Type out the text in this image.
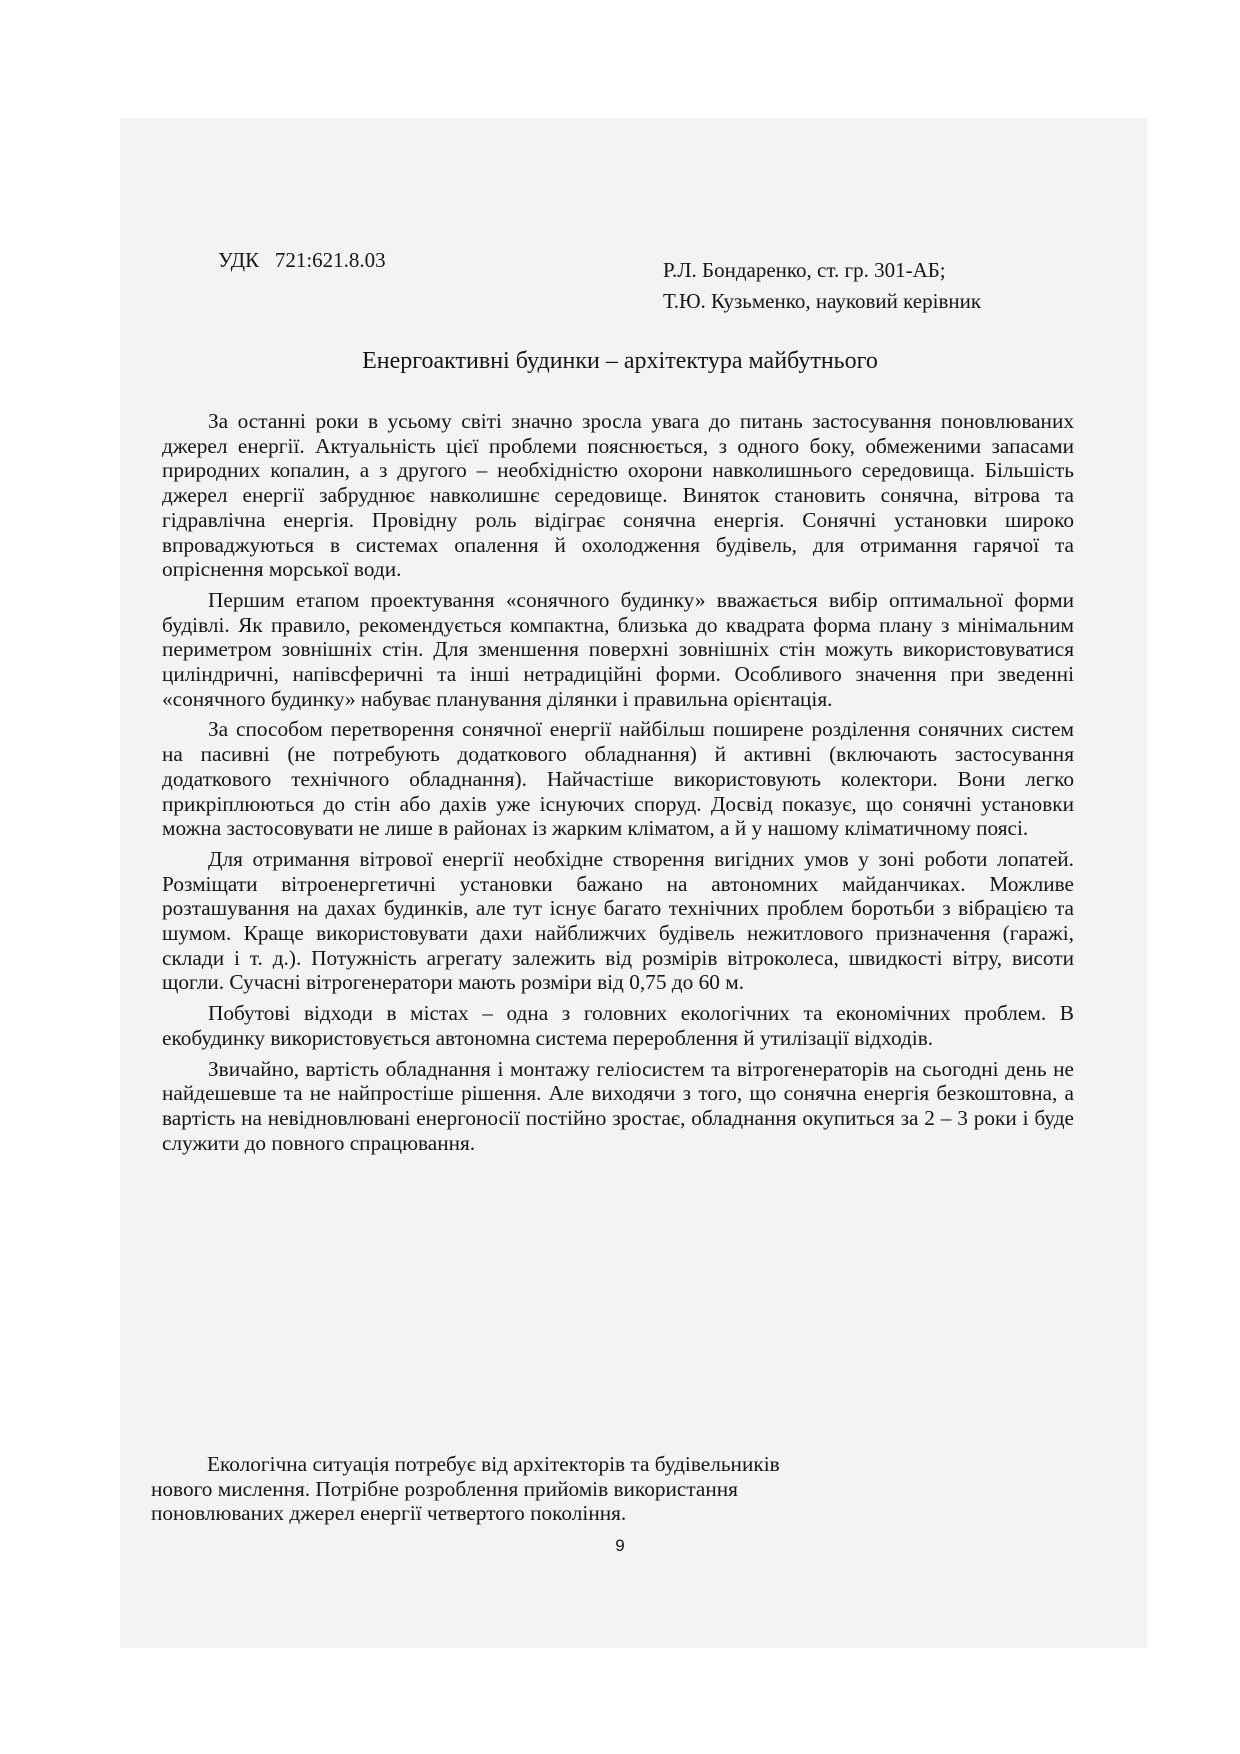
УДК   721:621.8.03	Р.Л. Бондаренко, ст. гр. 301-АБ;
Т.Ю. Кузьменко, науковий керівник
Енергоактивні будинки – архітектура майбутнього

За останні роки в усьому світі значно зросла увага до питань застосування поновлюваних джерел енергії. Актуальність цієї проблеми пояснюється, з одного боку, обмеженими запасами природних копалин, а з другого – необхідністю охорони навколишнього середовища. Більшість джерел енергії забруднює навколишнє середовище. Виняток становить сонячна, вітрова та гідравлічна енергія. Провідну роль відіграє сонячна енергія. Сонячні установки широко впроваджуються в системах опалення й охолодження будівель, для отримання гарячої та опріснення морської води.

Першим етапом проектування «сонячного будинку» вважається вибір оптимальної форми будівлі. Як правило, рекомендується компактна, близька до квадрата форма плану з мінімальним периметром зовнішніх стін. Для зменшення поверхні зовнішніх стін можуть використовуватися циліндричні, напівсферичні та інші нетрадиційні форми. Особливого значення при зведенні «сонячного будинку» набуває планування ділянки і правильна орієнтація.

За способом перетворення сонячної енергії найбільш поширене розділення сонячних систем на пасивні (не потребують додаткового обладнання) й активні (включають застосування додаткового технічного обладнання). Найчастіше використовують колектори. Вони легко прикріплюються до стін або дахів уже існуючих споруд. Досвід показує, що сонячні установки можна застосовувати не лише в районах із жарким кліматом, а й у нашому кліматичному поясі.

Для отримання вітрової енергії необхідне створення вигідних умов у зоні роботи лопатей. Розміщати вітроенергетичні установки бажано на автономних майданчиках. Можливе розташування на дахах будинків, але тут існує багато технічних проблем боротьби з вібрацією та шумом. Краще використовувати дахи найближчих будівель нежитлового призначення (гаражі, склади і т. д.). Потужність агрегату залежить від розмірів вітроколеса, швидкості вітру, висоти щогли. Сучасні вітрогенератори мають розміри від 0,75 до 60 м.

Побутові відходи в містах – одна з головних екологічних та економічних проблем. В екобудинку використовується автономна система перероблення й утилізації відходів.

Звичайно, вартість обладнання і монтажу геліосистем та вітрогенераторів на сьогодні день не найдешевше та не найпростіше рішення. Але виходячи з того, що сонячна енергія безкоштовна, а вартість на невідновлювані енергоносії постійно зростає, обладнання окупиться за 2 – 3 роки і буде служити до повного спрацювання.

Екологічна ситуація потребує від архітекторів та будівельників
нового мислення. Потрібне розроблення прийомів використання
поновлюваних джерел енергії четвертого покоління.
9
